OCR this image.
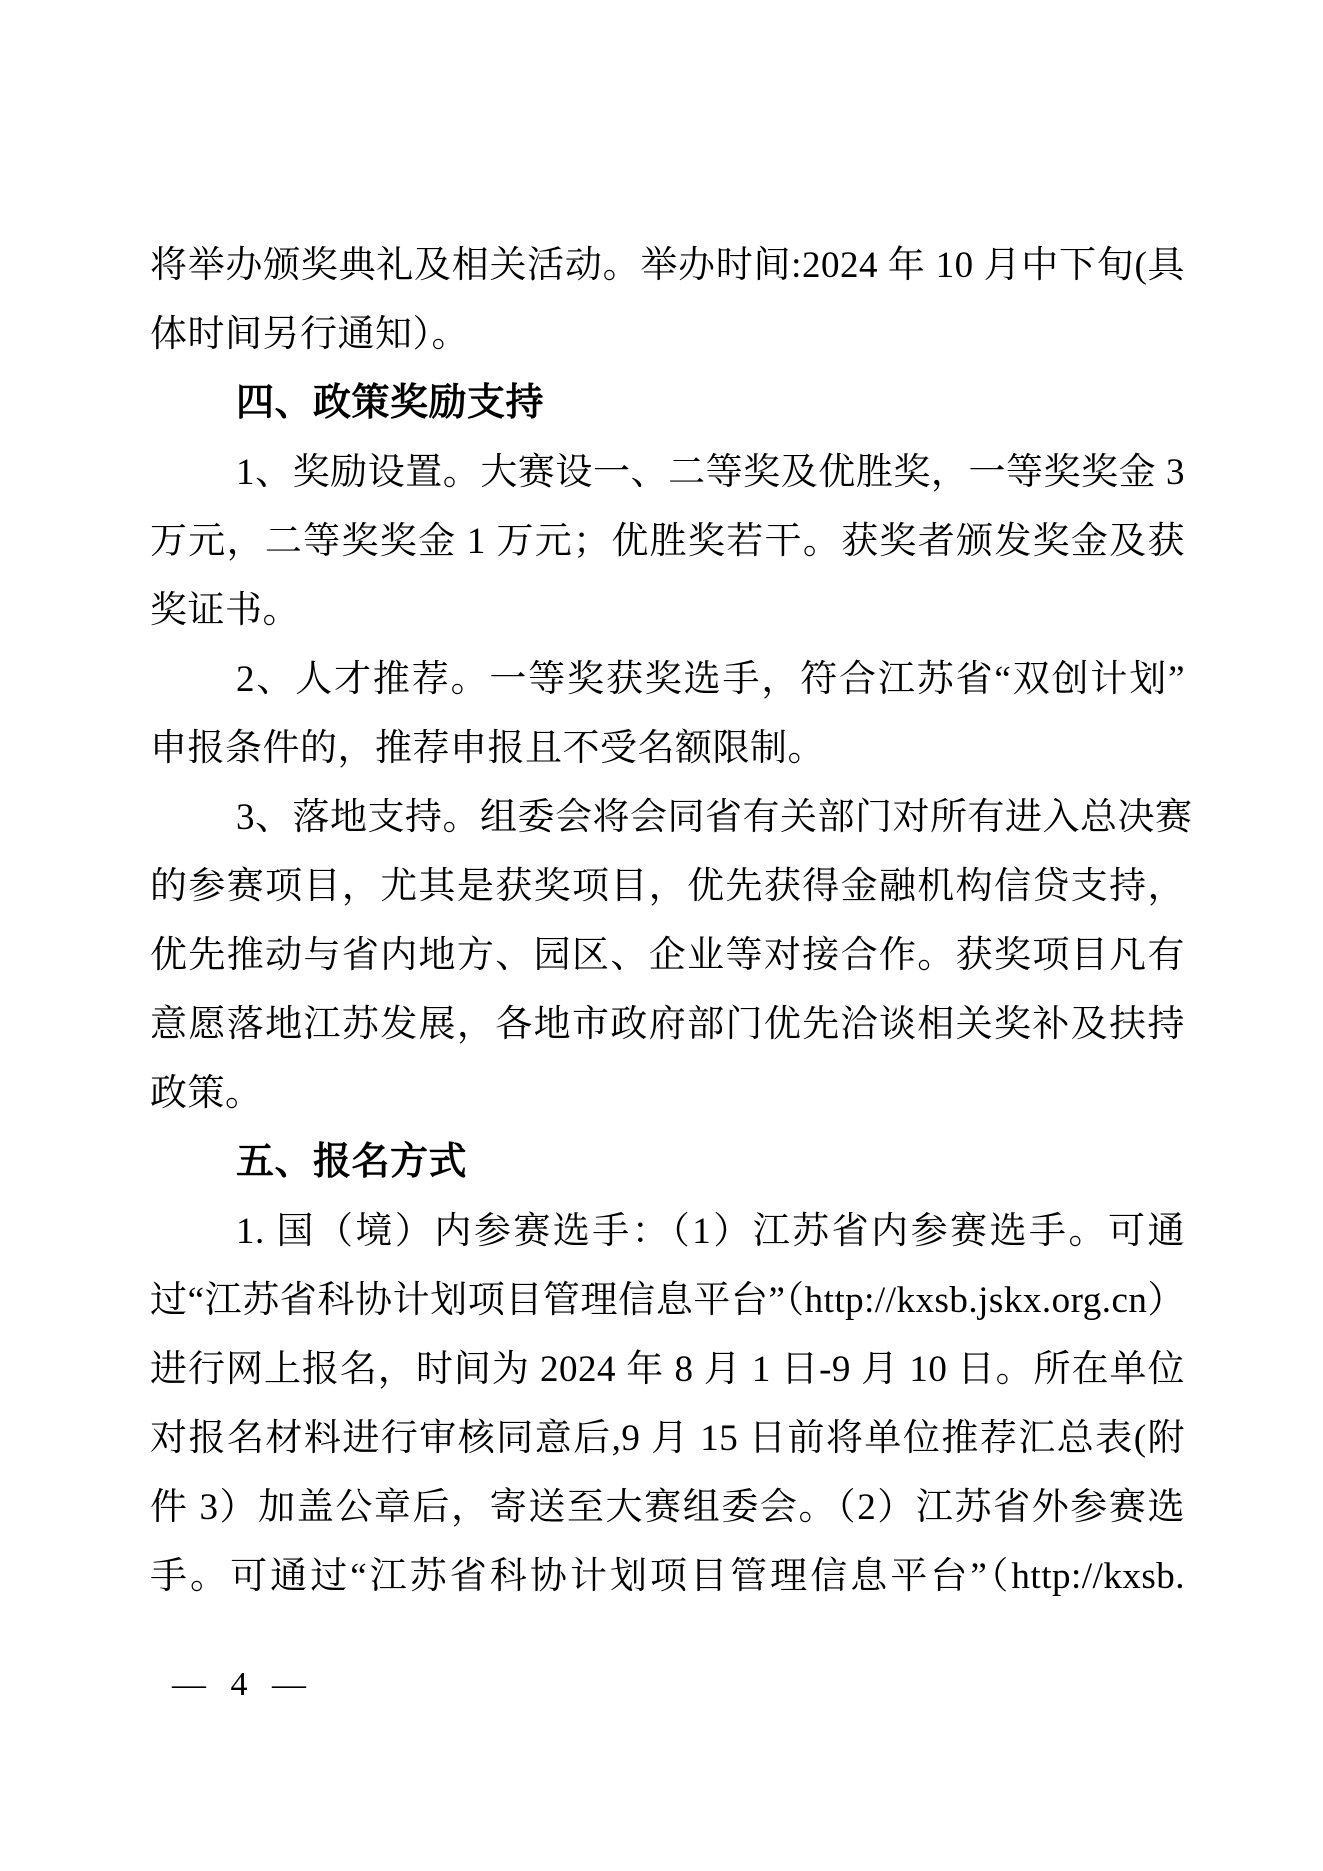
将举办颁奖典礼及相关活动。举办时间:2024 年 10 月中下旬(具
体时间另行通知）。
四、政策奖励支持
1、奖励设置。大赛设一、二等奖及优胜奖，一等奖奖金 3
万元，二等奖奖金 1 万元；优胜奖若干。获奖者颁发奖金及获
奖证书。
2、人才推荐。一等奖获奖选手，符合江苏省“双创计划”
申报条件的，推荐申报且不受名额限制。
3、落地支持。组委会将会同省有关部门对所有进入总决赛
的参赛项目，尤其是获奖项目，优先获得金融机构信贷支持，
优先推动与省内地方、园区、企业等对接合作。获奖项目凡有
意愿落地江苏发展，各地市政府部门优先洽谈相关奖补及扶持
政策。
五、报名方式
1. 国（境）内参赛选手：（1）江苏省内参赛选手。可通
过“江苏省科协计划项目管理信息平台”（http://kxsb.jskx.org.cn）
进行网上报名，时间为 2024 年 8 月 1 日-9 月 10 日。所在单位
对报名材料进行审核同意后,9 月 15 日前将单位推荐汇总表(附
件 3）加盖公章后，寄送至大赛组委会。（2）江苏省外参赛选
手。可通过“江苏省科协计划项目管理信息平台”（http://kxsb.
— 4 —
